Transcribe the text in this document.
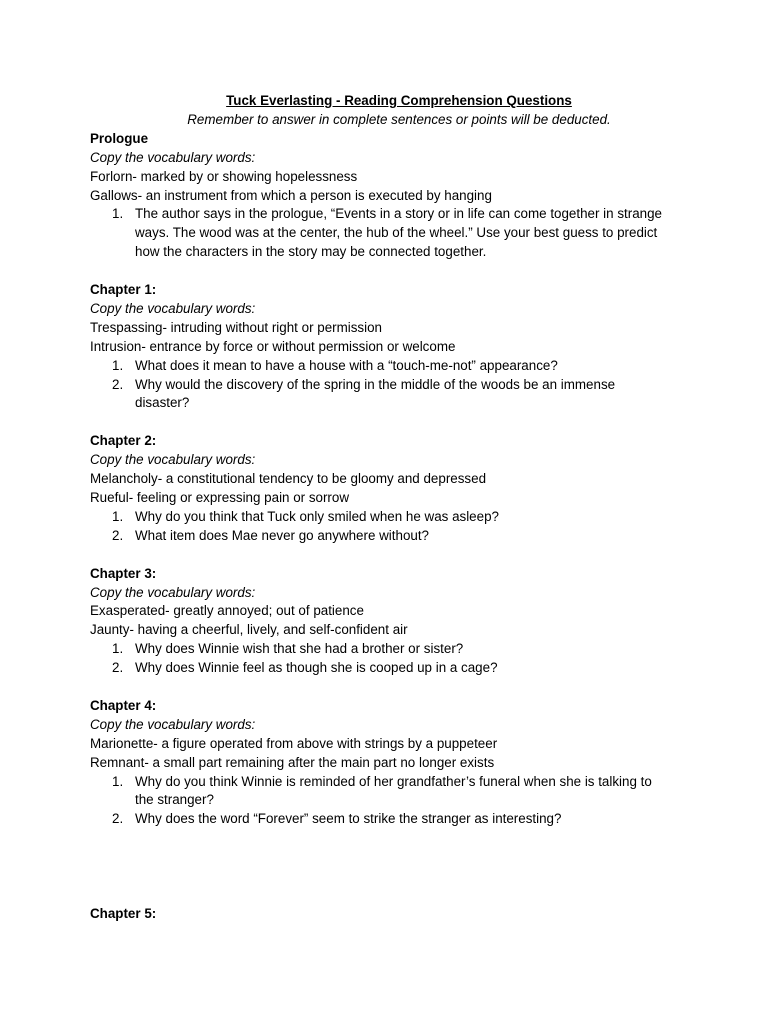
Tuck Everlasting - Reading Comprehension Questions
Remember to answer in complete sentences or points will be deducted.
Prologue
Copy the vocabulary words:
Forlorn- marked by or showing hopelessness
Gallows- an instrument from which a person is executed by hanging
1. The author says in the prologue, “Events in a story or in life can come together in strange ways. The wood was at the center, the hub of the wheel.” Use your best guess to predict how the characters in the story may be connected together.
Chapter 1:
Copy the vocabulary words:
Trespassing- intruding without right or permission
Intrusion- entrance by force or without permission or welcome
1. What does it mean to have a house with a “touch-me-not” appearance?
2. Why would the discovery of the spring in the middle of the woods be an immense disaster?
Chapter 2:
Copy the vocabulary words:
Melancholy- a constitutional tendency to be gloomy and depressed
Rueful- feeling or expressing pain or sorrow
1. Why do you think that Tuck only smiled when he was asleep?
2. What item does Mae never go anywhere without?
Chapter 3:
Copy the vocabulary words:
Exasperated- greatly annoyed; out of patience
Jaunty- having a cheerful, lively, and self-confident air
1. Why does Winnie wish that she had a brother or sister?
2. Why does Winnie feel as though she is cooped up in a cage?
Chapter 4:
Copy the vocabulary words:
Marionette- a figure operated from above with strings by a puppeteer
Remnant- a small part remaining after the main part no longer exists
1. Why do you think Winnie is reminded of her grandfather’s funeral when she is talking to the stranger?
2. Why does the word “Forever” seem to strike the stranger as interesting?
Chapter 5:
